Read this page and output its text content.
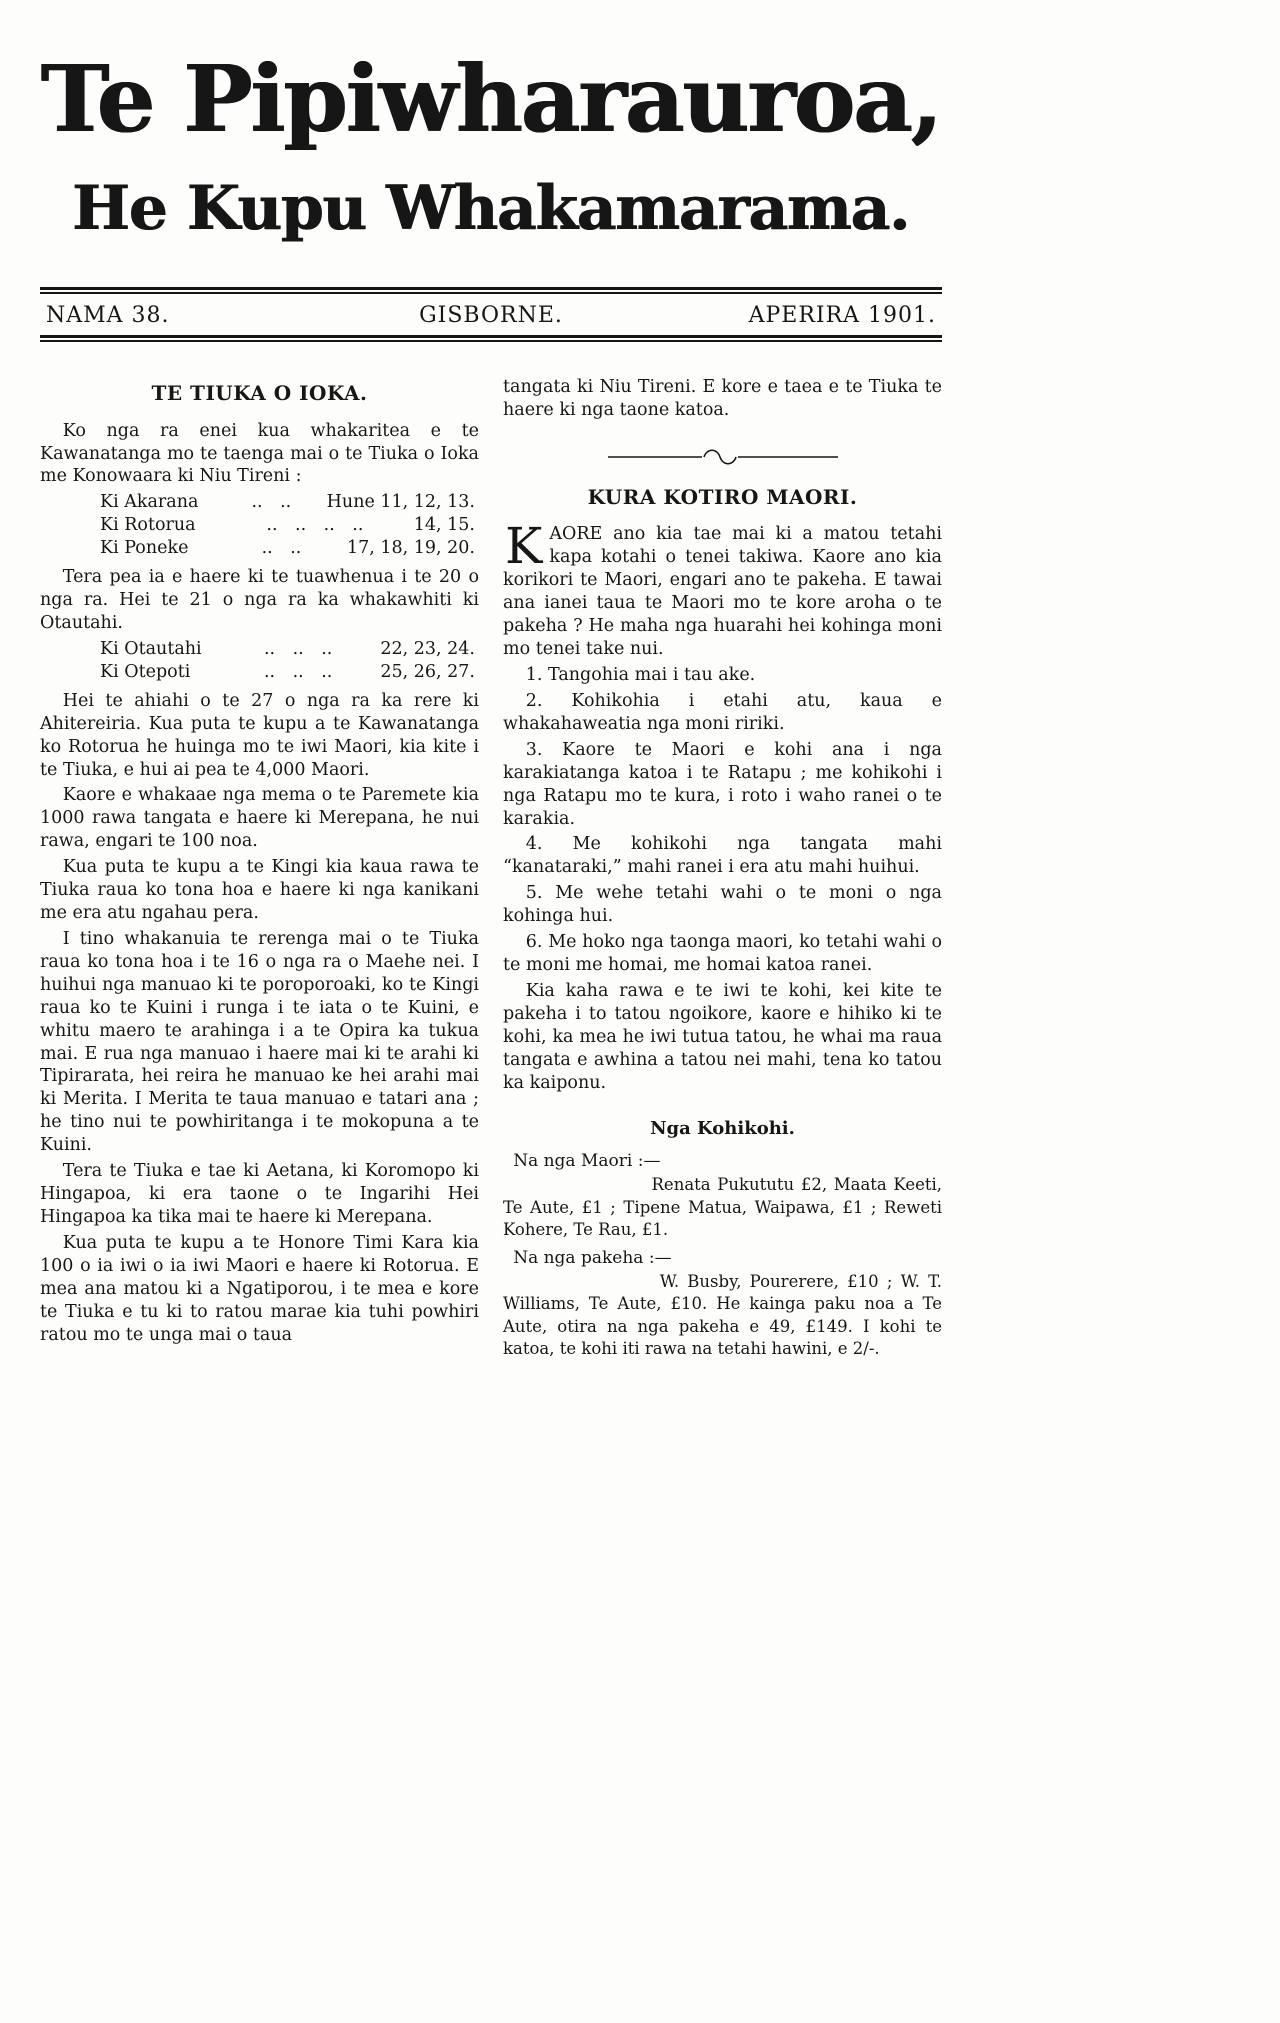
Te Pipiwharauroa,
He Kupu Whakamarama.
NAMA 38.	GISBORNE.	APERIRA 1901.
TE TIUKA O IOKA.

Ko nga ra enei kua whakaritea e te Kawanatanga mo te taenga mai o te Tiuka o Ioka me Konowaara ki Niu Tireni :

Ki Akarana	.. ..	Hune 11, 12, 13.
Ki Rotorua	.. .. .. ..	14, 15.
Ki Poneke	.. ..	17, 18, 19, 20.

Tera pea ia e haere ki te tuawhenua i te 20 o nga ra. Hei te 21 o nga ra ka whakawhiti ki Otautahi.

Ki Otautahi	.. .. ..	22, 23, 24.
Ki Otepoti	.. .. ..	25, 26, 27.

Hei te ahiahi o te 27 o nga ra ka rere ki Ahitereiria. Kua puta te kupu a te Kawanatanga ko Rotorua he huinga mo te iwi Maori, kia kite i te Tiuka, e hui ai pea te 4,000 Maori.

Kaore e whakaae nga mema o te Paremete kia 1000 rawa tangata e haere ki Merepana, he nui rawa, engari te 100 noa.

Kua puta te kupu a te Kingi kia kaua rawa te Tiuka raua ko tona hoa e haere ki nga kanikani me era atu ngahau pera.

I tino whakanuia te rerenga mai o te Tiuka raua ko tona hoa i te 16 o nga ra o Maehe nei. I huihui nga manuao ki te poroporoaki, ko te Kingi raua ko te Kuini i runga i te iata o te Kuini, e whitu maero te arahinga i a te Opira ka tukua mai. E rua nga manuao i haere mai ki te arahi ki Tipirarata, hei reira he manuao ke hei arahi mai ki Merita. I Merita te taua manuao e tatari ana ; he tino nui te powhiritanga i te mokopuna a te Kuini.

Tera te Tiuka e tae ki Aetana, ki Koromopo ki Hingapoa, ki era taone o te Ingarihi Hei Hingapoa ka tika mai te haere ki Merepana.

Kua puta te kupu a te Honore Timi Kara kia 100 o ia iwi o ia iwi Maori e haere ki Rotorua. E mea ana matou ki a Ngatiporou, i te mea e kore te Tiuka e tu ki to ratou marae kia tuhi powhiri ratou mo te unga mai o taua

tangata ki Niu Tireni. E kore e taea e te Tiuka te haere ki nga taone katoa.

KURA KOTIRO MAORI.

KAORE ano kia tae mai ki a matou tetahi kapa kotahi o tenei takiwa. Kaore ano kia korikori te Maori, engari ano te pakeha. E tawai ana ianei taua te Maori mo te kore aroha o te pakeha ? He maha nga huarahi hei kohinga moni mo tenei take nui.

1. Tangohia mai i tau ake.

2. Kohikohia i etahi atu, kaua e whakahaweatia nga moni ririki.

3. Kaore te Maori e kohi ana i nga karakiatanga katoa i te Ratapu ; me kohikohi i nga Ratapu mo te kura, i roto i waho ranei o te karakia.

4. Me kohikohi nga tangata mahi “kanataraki,” mahi ranei i era atu mahi huihui.

5. Me wehe tetahi wahi o te moni o nga kohinga hui.

6. Me hoko nga taonga maori, ko tetahi wahi o te moni me homai, me homai katoa ranei.

Kia kaha rawa e te iwi te kohi, kei kite te pakeha i to tatou ngoikore, kaore e hihiko ki te kohi, ka mea he iwi tutua tatou, he whai ma raua tangata e awhina a tatou nei mahi, tena ko tatou ka kaiponu.

Nga Kohikohi.

Na nga Maori :—

Renata Pukututu £2, Maata Keeti, Te Aute, £1 ; Tipene Matua, Waipawa, £1 ; Reweti Kohere, Te Rau, £1.

Na nga pakeha :—

W. Busby, Pourerere, £10 ; W. T. Williams, Te Aute, £10. He kainga paku noa a Te Aute, otira na nga pakeha e 49, £149. I kohi te katoa, te kohi iti rawa na tetahi hawini, e 2/-.
